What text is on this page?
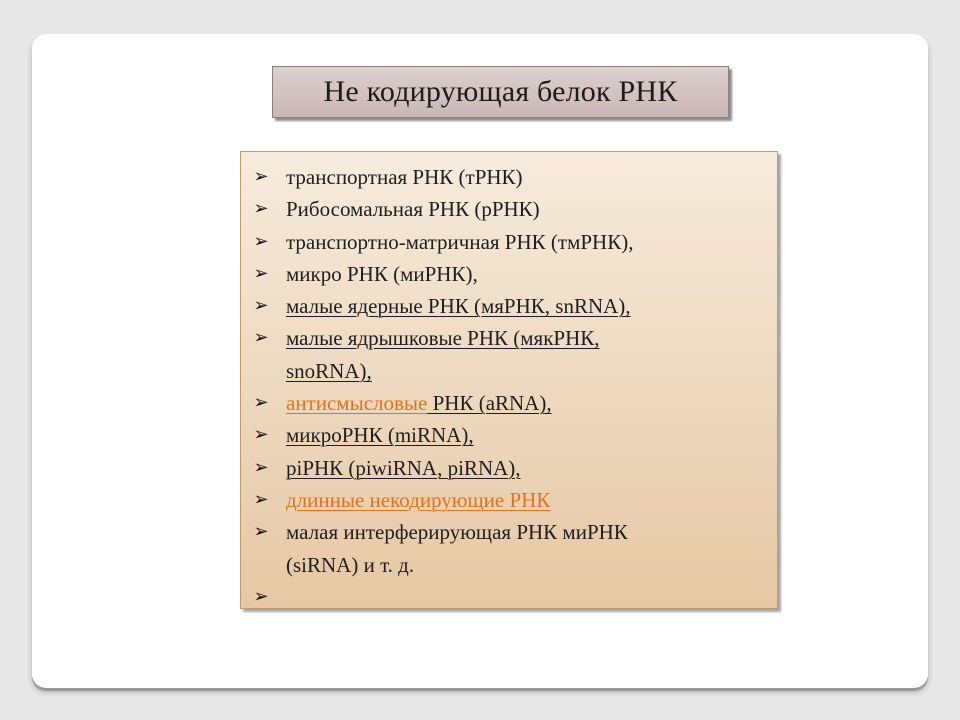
Не кодирующая белок РНК
➢ транспортная РНК (тРНК)
➢ Рибосомальная РНК (рРНК)
➢ транспортно-матричная РНК (тмРНК),
➢ микро РНК (миРНК),
➢ малые ядерные РНК (мяРНК, snRNA),
➢ малые ядрышковые РНК (мякРНК,
snoRNA),
➢ антисмысловые РНК (aRNA),
➢ микроРНК (miRNA),
➢ piРНК (piwiRNA, piRNA),
➢ длинные некодирующие РНК
➢ малая интерферирующая РНК миРНК
(siRNA) и т. д.
➢
